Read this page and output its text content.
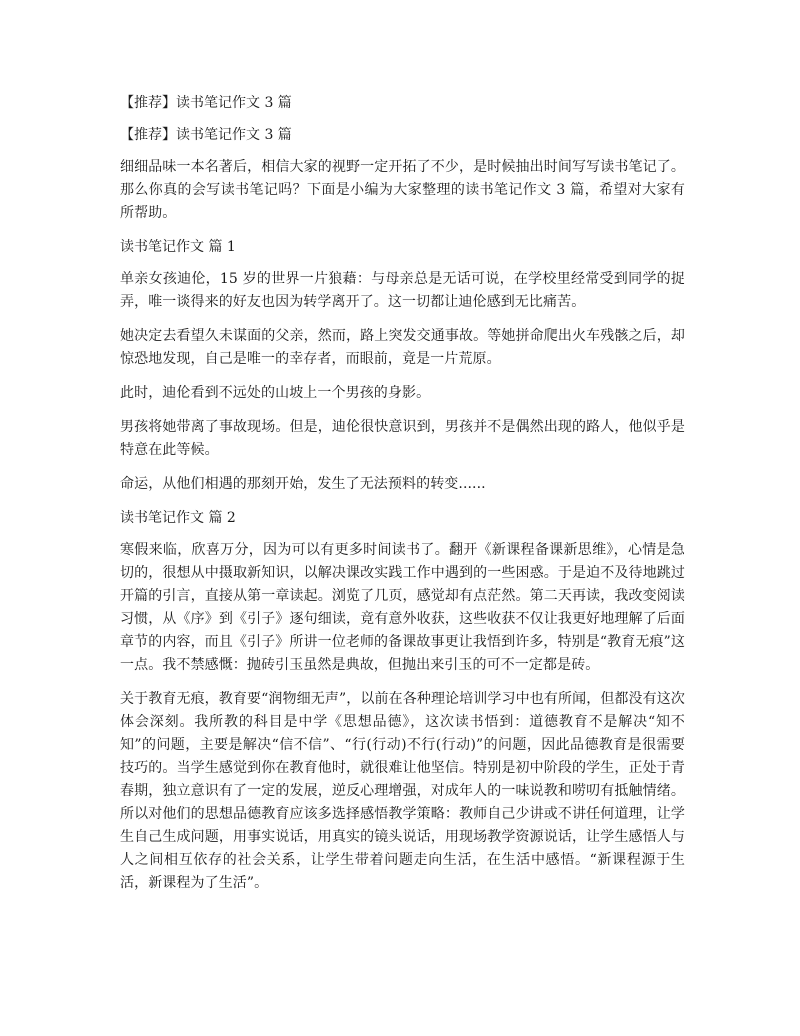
【推荐】读书笔记作文 3 篇
【推荐】读书笔记作文 3 篇
细细品味一本名著后，相信大家的视野一定开拓了不少，是时候抽出时间写写读书笔记了。那么你真的会写读书笔记吗？下面是小编为大家整理的读书笔记作文 3 篇，希望对大家有所帮助。
读书笔记作文 篇 1
单亲女孩迪伦，15 岁的世界一片狼藉：与母亲总是无话可说，在学校里经常受到同学的捉弄，唯一谈得来的好友也因为转学离开了。这一切都让迪伦感到无比痛苦。
她决定去看望久未谋面的父亲，然而，路上突发交通事故。等她拼命爬出火车残骸之后，却惊恐地发现，自己是唯一的幸存者，而眼前，竟是一片荒原。
此时，迪伦看到不远处的山坡上一个男孩的身影。
男孩将她带离了事故现场。但是，迪伦很快意识到，男孩并不是偶然出现的路人，他似乎是特意在此等候。
命运，从他们相遇的那刻开始，发生了无法预料的转变......
读书笔记作文 篇 2
寒假来临，欣喜万分，因为可以有更多时间读书了。翻开《新课程备课新思维》，心情是急切的，很想从中摄取新知识，以解决课改实践工作中遇到的一些困惑。于是迫不及待地跳过开篇的引言，直接从第一章读起。浏览了几页，感觉却有点茫然。第二天再读，我改变阅读习惯，从《序》到《引子》逐句细读，竟有意外收获，这些收获不仅让我更好地理解了后面章节的内容，而且《引子》所讲一位老师的备课故事更让我悟到许多，特别是“教育无痕”这一点。我不禁感慨：抛砖引玉虽然是典故，但抛出来引玉的可不一定都是砖。
关于教育无痕，教育要“润物细无声”，以前在各种理论培训学习中也有所闻，但都没有这次体会深刻。我所教的科目是中学《思想品德》，这次读书悟到：道德教育不是解决“知不知”的问题，主要是解决“信不信”、“行(行动)不行(行动)”的问题，因此品德教育是很需要技巧的。当学生感觉到你在教育他时，就很难让他坚信。特别是初中阶段的学生，正处于青春期，独立意识有了一定的发展，逆反心理增强，对成年人的一味说教和唠叨有抵触情绪。所以对他们的思想品德教育应该多选择感悟教学策略：教师自己少讲或不讲任何道理，让学生自己生成问题，用事实说话，用真实的镜头说话，用现场教学资源说话，让学生感悟人与人之间相互依存的社会关系，让学生带着问题走向生活，在生活中感悟。“新课程源于生活，新课程为了生活”。
